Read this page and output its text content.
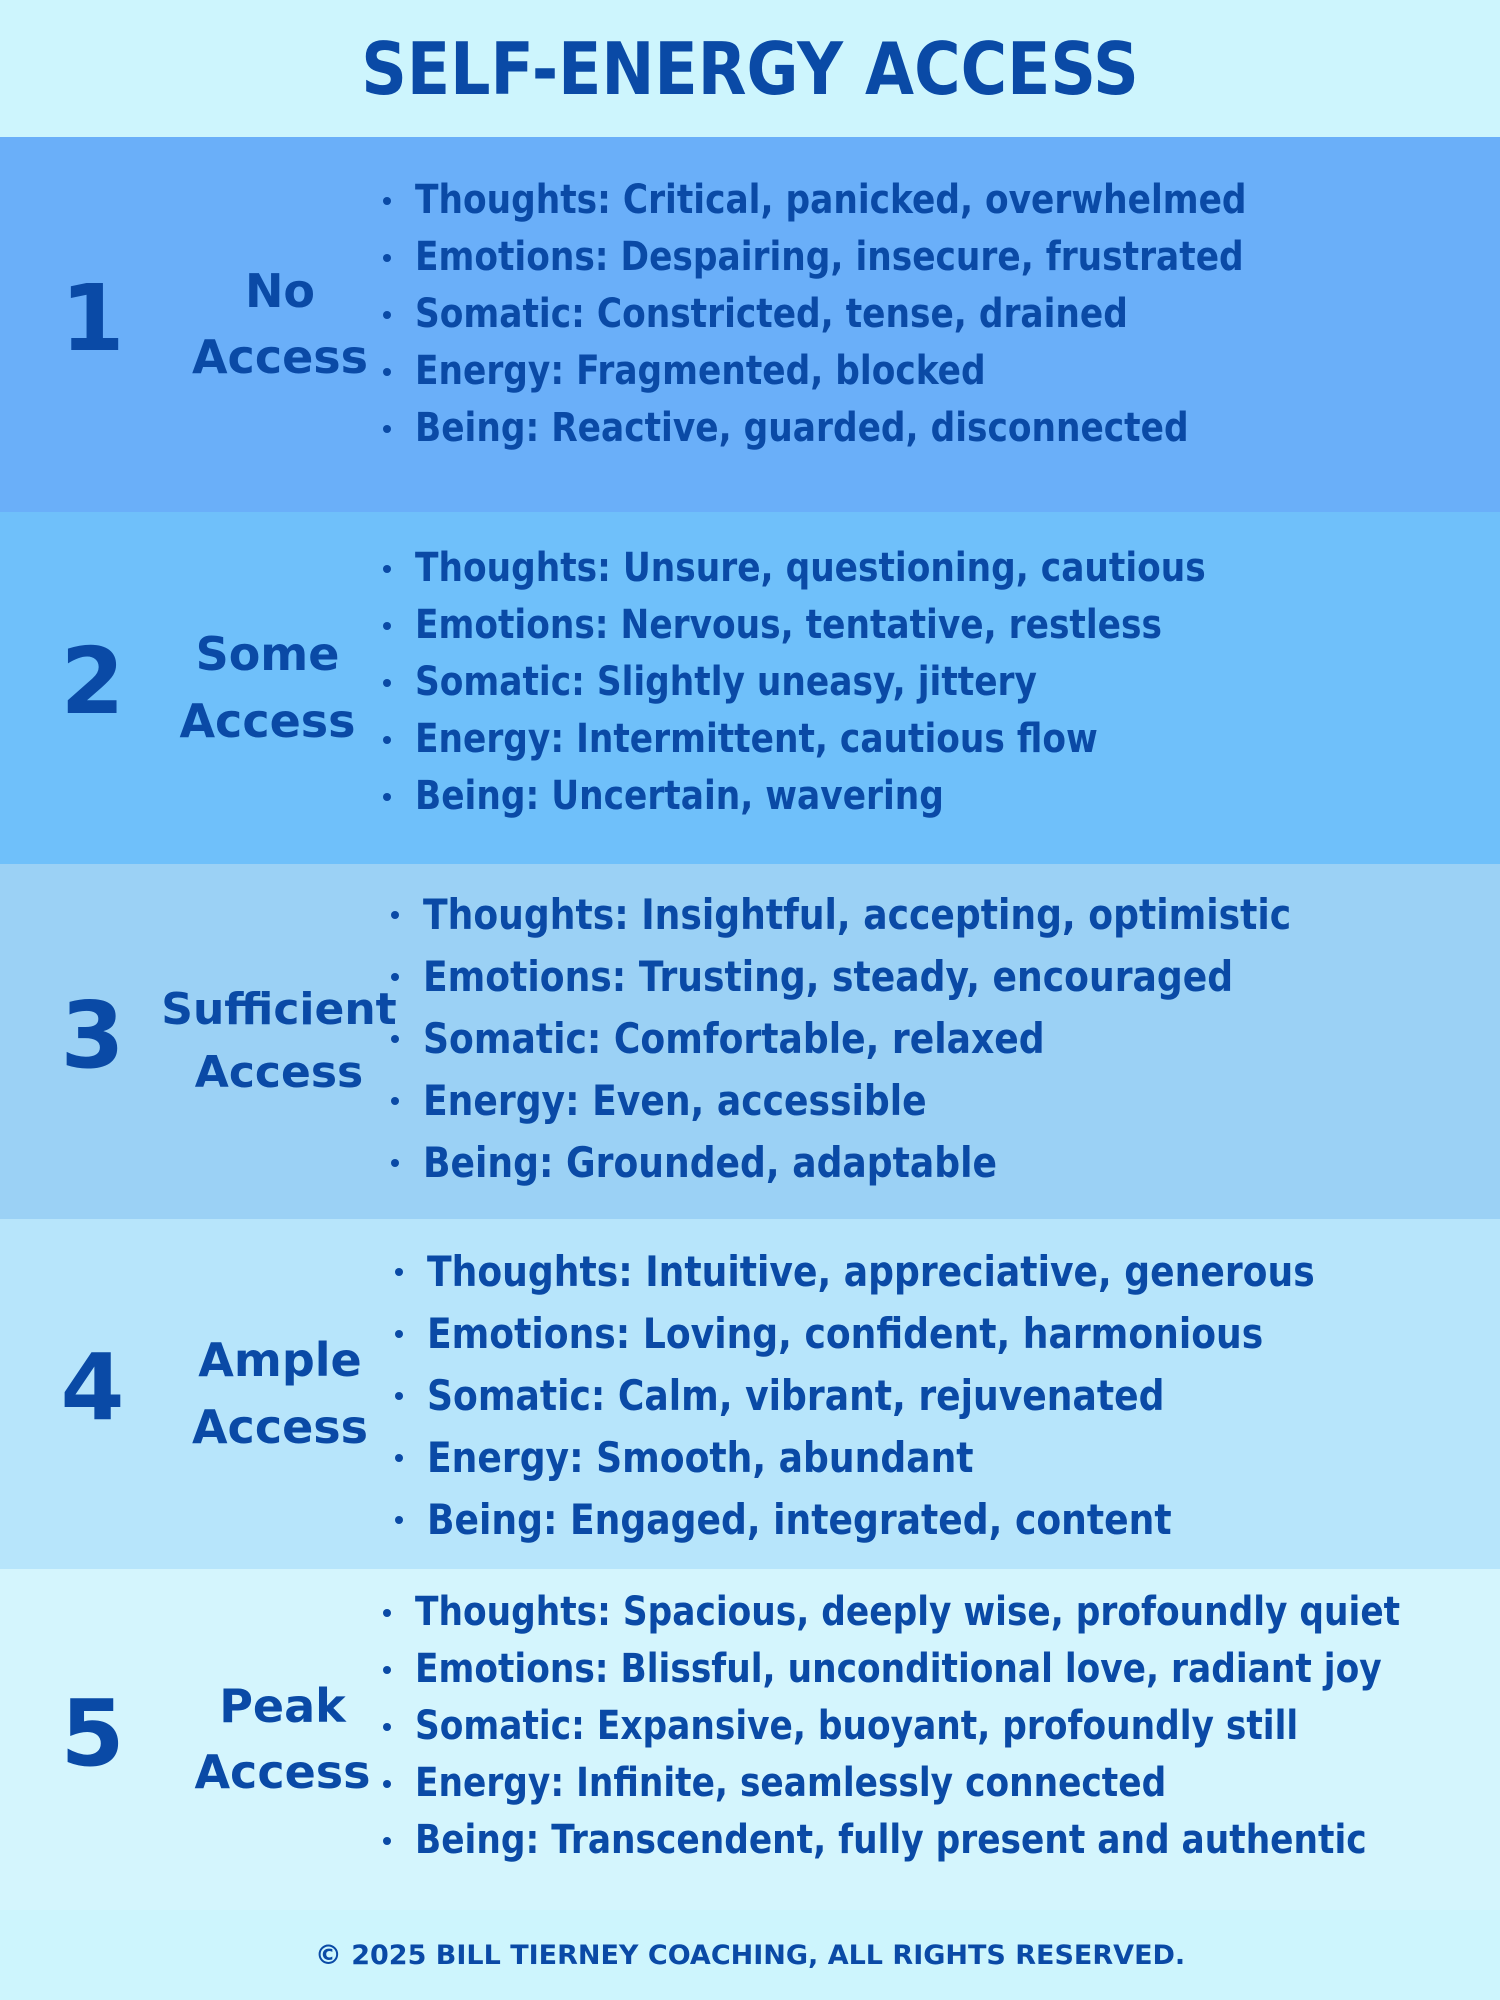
SELF-ENERGY ACCESS
1	No
Access
Thoughts: Critical, panicked, overwhelmed
Emotions: Despairing, insecure, frustrated
Somatic: Constricted, tense, drained
Energy: Fragmented, blocked
Being: Reactive, guarded, disconnected
2	Some
Access
Thoughts: Unsure, questioning, cautious
Emotions: Nervous, tentative, restless
Somatic: Slightly uneasy, jittery
Energy: Intermittent, cautious flow
Being: Uncertain, wavering
3 Sufficient
Access
Thoughts: Insightful, accepting, optimistic
Emotions: Trusting, steady, encouraged
Somatic: Comfortable, relaxed
Energy: Even, accessible
Being: Grounded, adaptable
4	Ample
Access
Thoughts: Intuitive, appreciative, generous
Emotions: Loving, confident, harmonious
Somatic: Calm, vibrant, rejuvenated
Energy: Smooth, abundant
Being: Engaged, integrated, content
5	Peak
Access
Thoughts: Spacious, deeply wise, profoundly quiet
Emotions: Blissful, unconditional love, radiant joy
Somatic: Expansive, buoyant, profoundly still
Energy: Infinite, seamlessly connected
Being: Transcendent, fully present and authentic
© 2025 BILL TIERNEY COACHING, ALL RIGHTS RESERVED.
